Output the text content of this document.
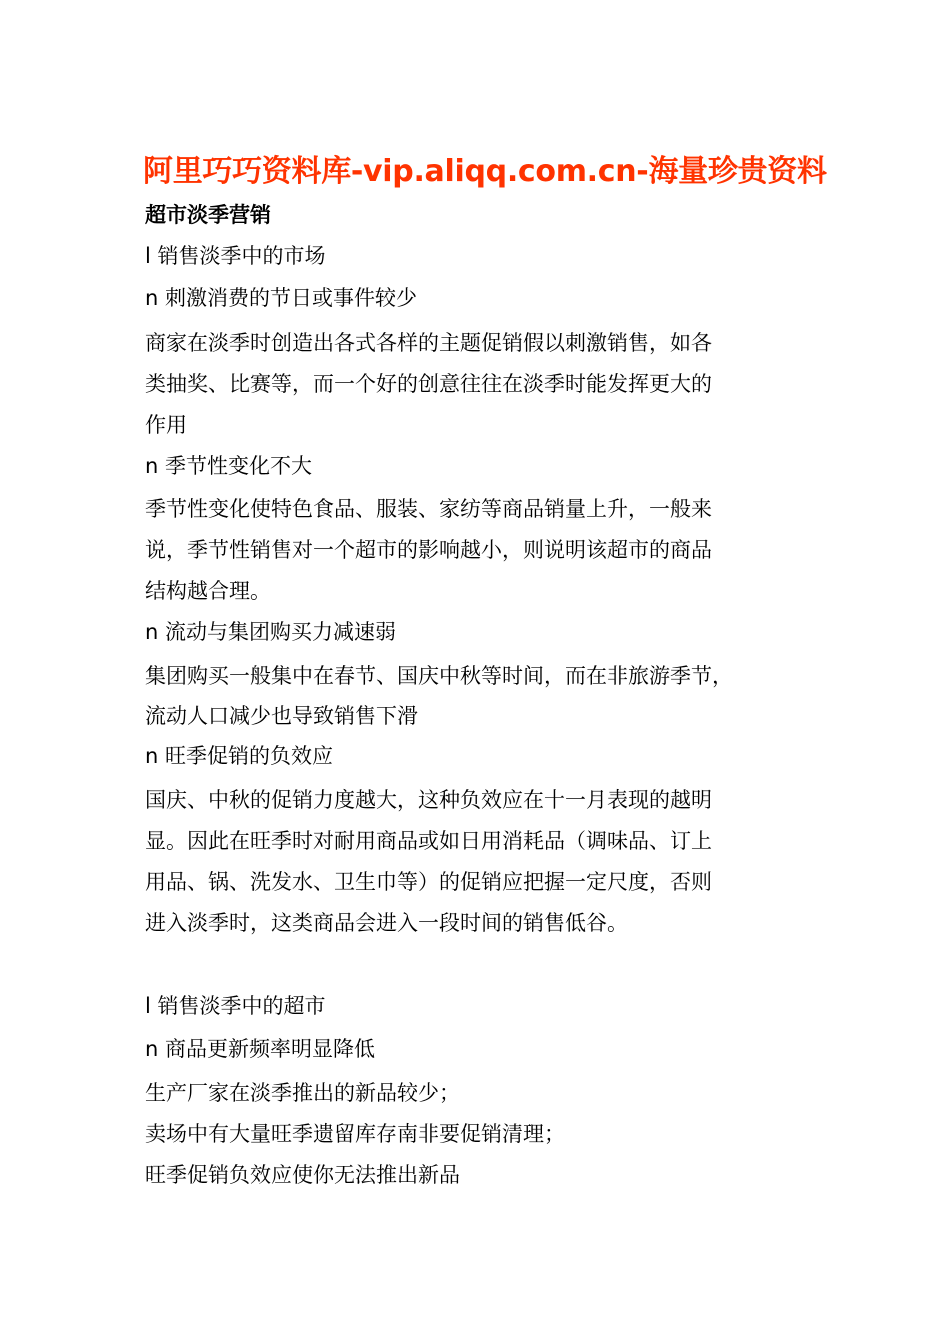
阿里巧巧资料库-vip.aliqq.com.cn-海量珍贵资料
超市淡季营销
l 销售淡季中的市场
n 刺激消费的节日或事件较少
商家在淡季时创造出各式各样的主题促销假以刺激销售，如各
类抽奖、比赛等，而一个好的创意往往在淡季时能发挥更大的
作用
n 季节性变化不大
季节性变化使特色食品、服装、家纺等商品销量上升，一般来
说，季节性销售对一个超市的影响越小，则说明该超市的商品
结构越合理。
n 流动与集团购买力减速弱
集团购买一般集中在春节、国庆中秋等时间，而在非旅游季节，
流动人口减少也导致销售下滑
n 旺季促销的负效应
国庆、中秋的促销力度越大，这种负效应在十一月表现的越明
显。因此在旺季时对耐用商品或如日用消耗品（调味品、订上
用品、锅、洗发水、卫生巾等）的促销应把握一定尺度，否则
进入淡季时，这类商品会进入一段时间的销售低谷。
l 销售淡季中的超市
n 商品更新频率明显降低
生产厂家在淡季推出的新品较少；
卖场中有大量旺季遗留库存南非要促销清理；
旺季促销负效应使你无法推出新品
